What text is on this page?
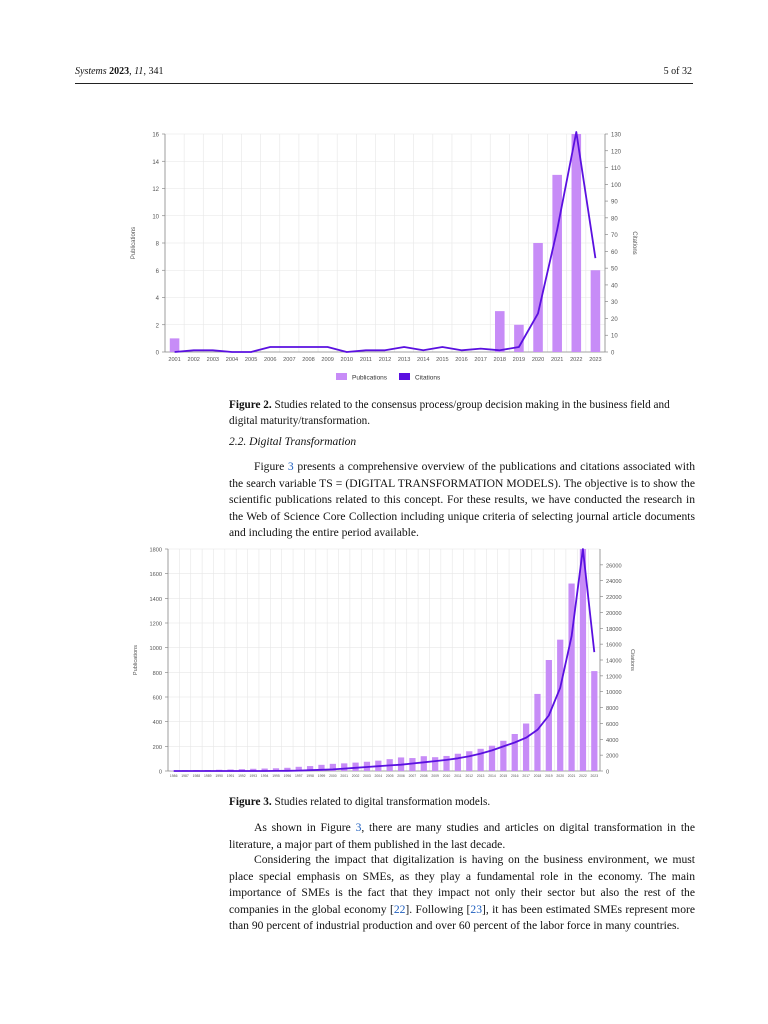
Systems 2023, 11, 341	5 of 32
0
2
4
6
8
10
12
14
16
0
10
20
30
40
50
60
70
80
90
100
110
120
130
2001 2002 2003 2004 2005 2006 2007 2008 2009 2010 2011 2012 2013 2014 2015 2016 2017 2018 2019 2020 2021 2022 2023
Publications	Citations
Publications	Citations
Figure 2. Studies related to the consensus process/group decision making in the business field and digital maturity/transformation.
2.2. Digital Transformation

Figure 3 presents a comprehensive overview of the publications and citations associated with the search variable TS = (DIGITAL TRANSFORMATION MODELS). The objective is to show the scientific publications related to this concept. For these results, we have conducted the research in the Web of Science Core Collection including unique criteria of selecting journal article documents and including the entire period available.

0
200
400
600
800
1000
1200
1400
1600
1800
0
2000
4000
6000
8000
10000
12000
14000
16000
18000
20000
22000
24000
26000
1986 1987 1988 1989 1990 1991 1992 1993 1994 1995 1996 1997 1998 1999 2000 2001 2002 2003 2004 2005 2006 2007 2008 2009 2010 2011 2012 2013 2014 2015 2016 2017 2018 2019 2020 2021 2022 2023
Publications	Citations
Figure 3. Studies related to digital transformation models.

As shown in Figure 3, there are many studies and articles on digital transformation in the literature, a major part of them published in the last decade.

Considering the impact that digitalization is having on the business environment, we must place special emphasis on SMEs, as they play a fundamental role in the economy. The main importance of SMEs is the fact that they impact not only their sector but also the rest of the companies in the global economy [22]. Following [23], it has been estimated SMEs represent more than 90 percent of industrial production and over 60 percent of the labor force in many countries.
